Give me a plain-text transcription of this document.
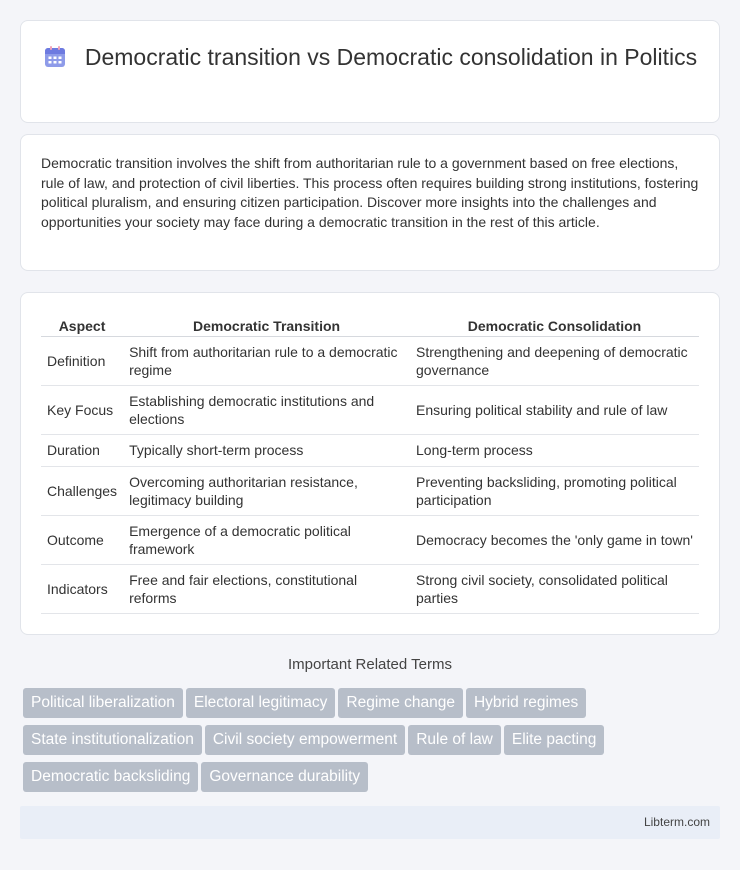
Democratic transition vs Democratic consolidation in Politics

Democratic transition involves the shift from authoritarian rule to a government based on free elections, rule of law, and protection of civil liberties. This process often requires building strong institutions, fostering political pluralism, and ensuring citizen participation. Discover more insights into the challenges and opportunities your society may face during a democratic transition in the rest of this article.

Aspect	Democratic Transition	Democratic Consolidation
Definition	Shift from authoritarian rule to a democratic regime	Strengthening and deepening of democratic governance
Key Focus	Establishing democratic institutions and elections	Ensuring political stability and rule of law
Duration	Typically short-term process	Long-term process
Challenges	Overcoming authoritarian resistance, legitimacy building	Preventing backsliding, promoting political participation
Outcome	Emergence of a democratic political framework	Democracy becomes the 'only game in town'
Indicators	Free and fair elections, constitutional reforms	Strong civil society, consolidated political parties
Important Related Terms
Political liberalization Electoral legitimacy Regime change Hybrid regimes
State institutionalization Civil society empowerment Rule of law Elite pacting
Democratic backsliding Governance durability
Libterm.com
